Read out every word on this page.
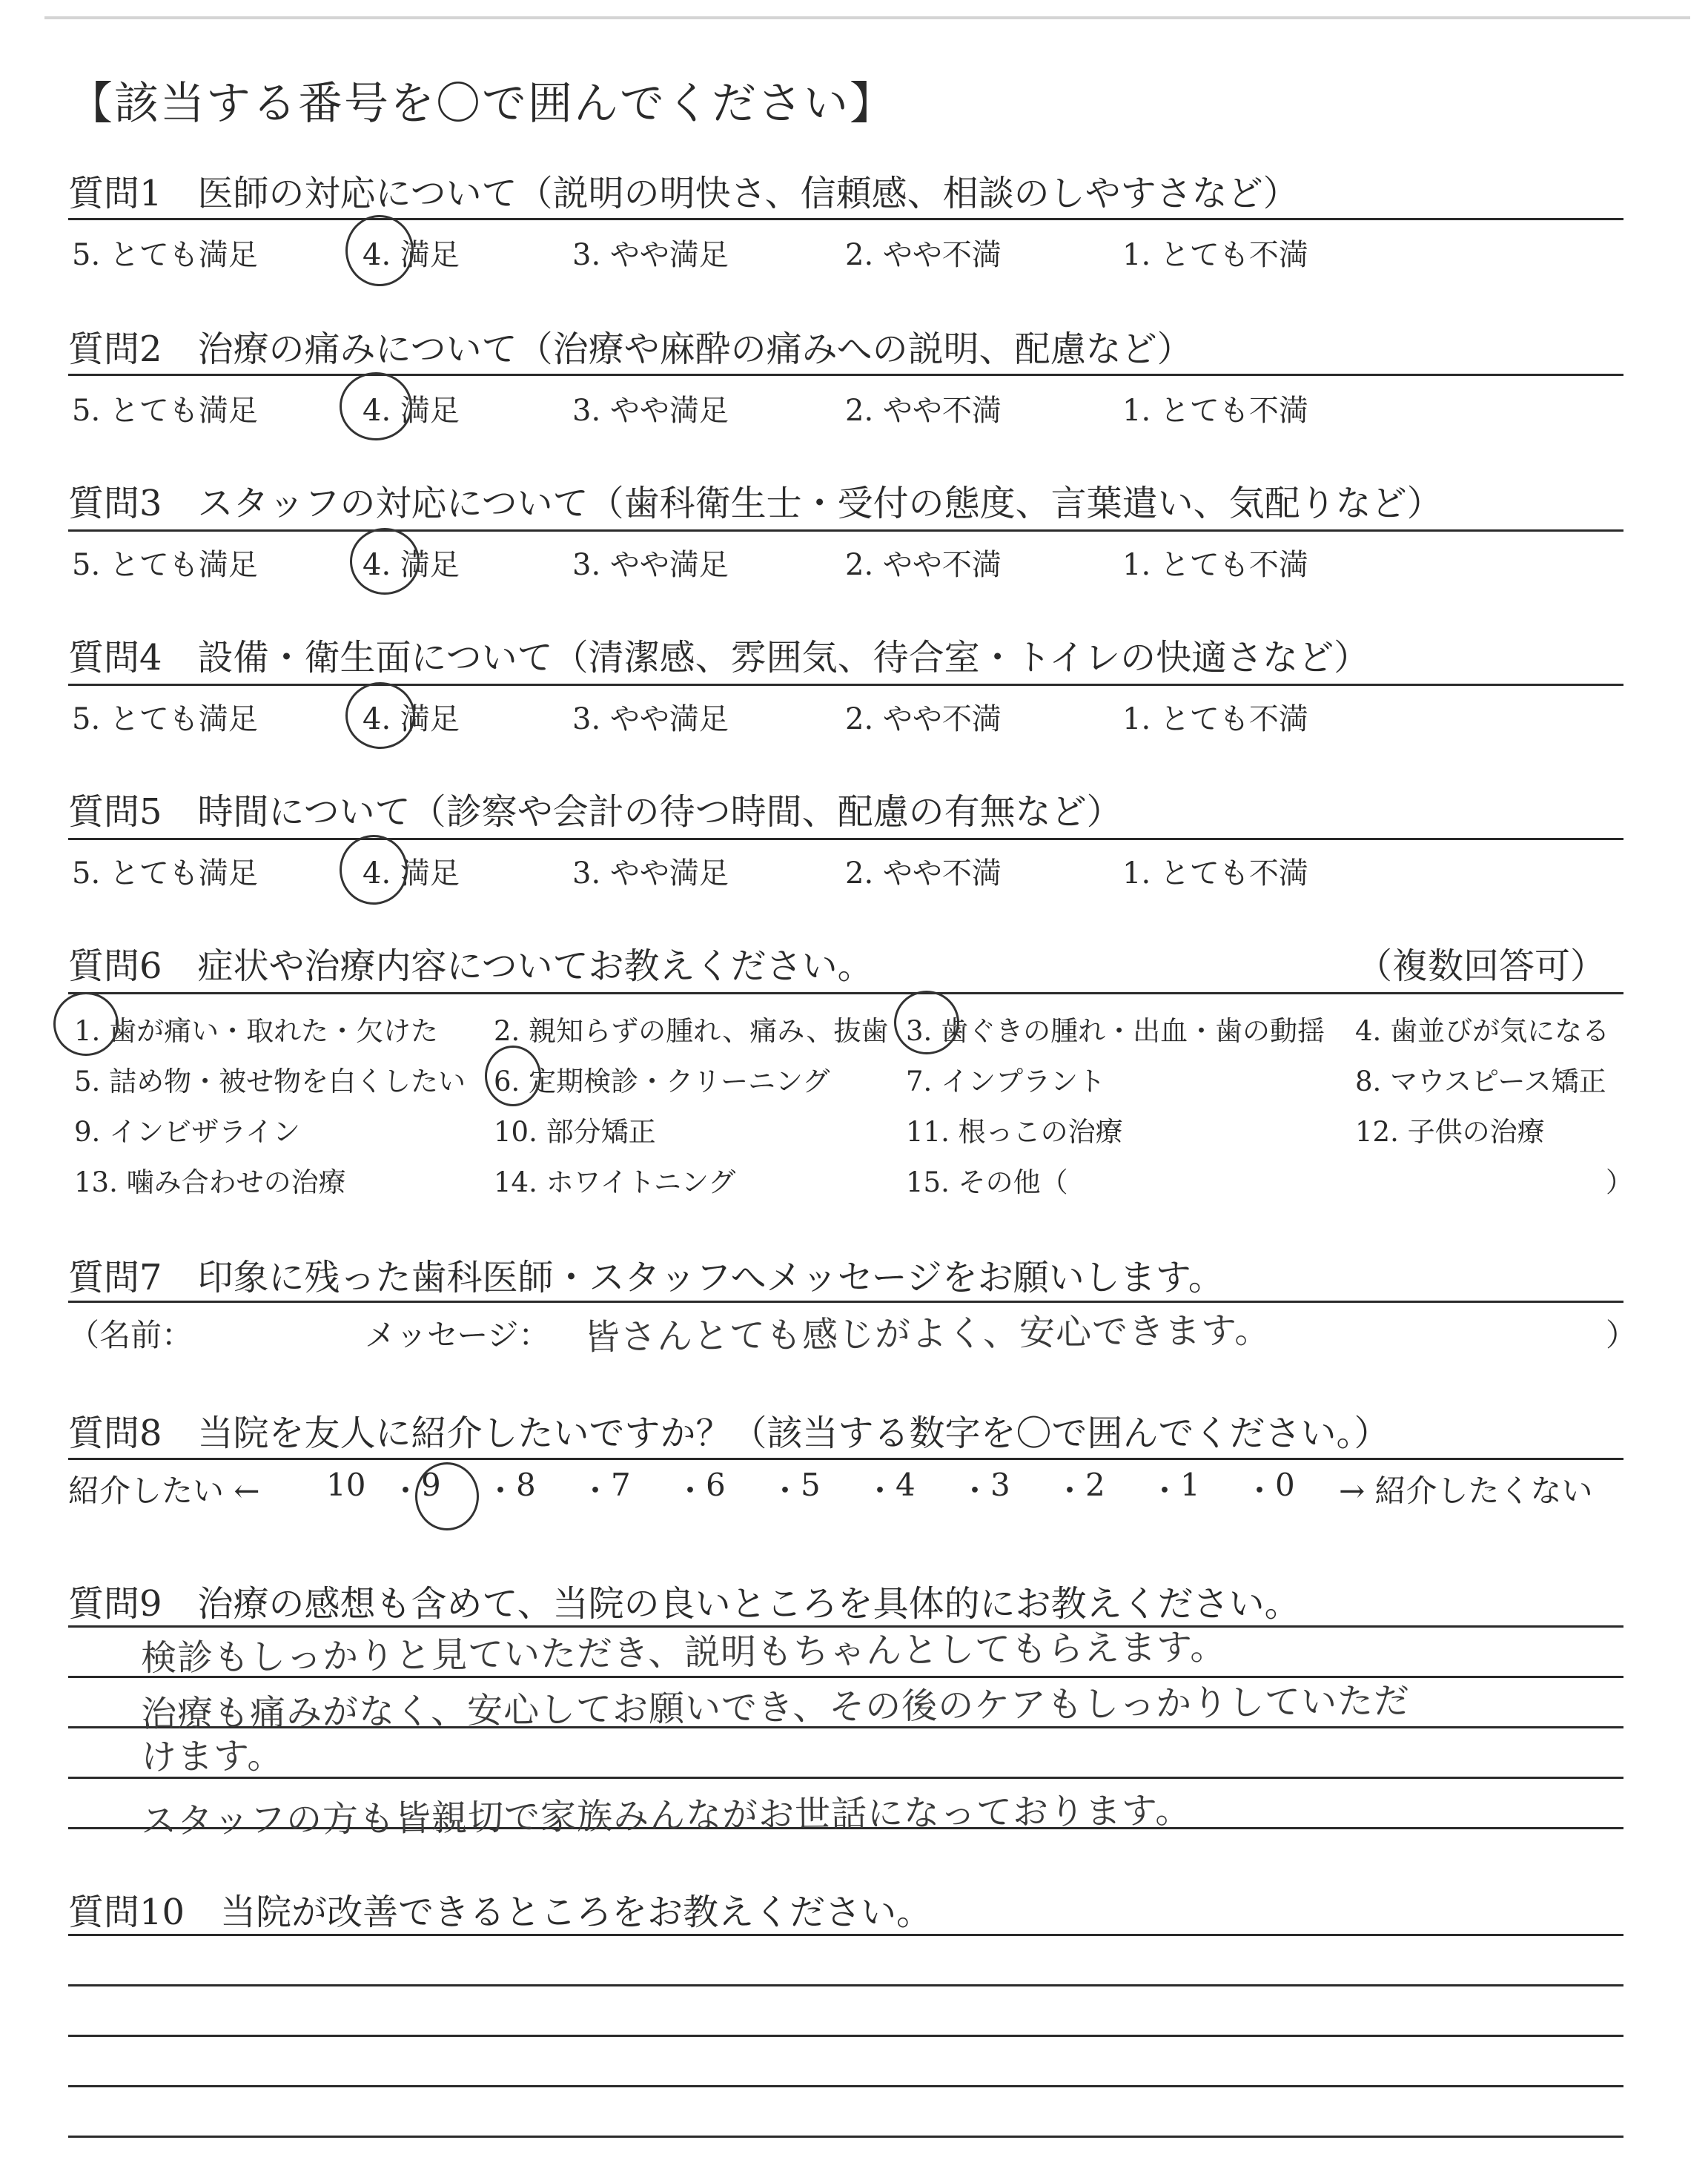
【該当する番号を〇で囲んでください】
質問1　医師の対応について（説明の明快さ、信頼感、相談のしやすさなど）
5. とても満足	4. 満足	3. やや満足	2. やや不満	1. とても不満
質問2　治療の痛みについて（治療や麻酔の痛みへの説明、配慮など）
5. とても満足	4. 満足	3. やや満足	2. やや不満	1. とても不満
質問3　スタッフの対応について（歯科衛生士・受付の態度、言葉遣い、気配りなど）
5. とても満足	4. 満足	3. やや満足	2. やや不満	1. とても不満
質問4　設備・衛生面について（清潔感、雰囲気、待合室・トイレの快適さなど）
5. とても満足	4. 満足	3. やや満足	2. やや不満	1. とても不満
質問5　時間について（診察や会計の待つ時間、配慮の有無など）
5. とても満足	4. 満足	3. やや満足	2. やや不満	1. とても不満
質問6　症状や治療内容についてお教えください。	（複数回答可）
1. 歯が痛い・取れた・欠けた 2. 親知らずの腫れ、痛み、抜歯 3. 歯ぐきの腫れ・出血・歯の動揺 4. 歯並びが気になる
5. 詰め物・被せ物を白くしたい 6. 定期検診・クリーニング	7. インプラント	8. マウスピース矯正
9. インビザライン	10. 部分矯正	11. 根っこの治療	12. 子供の治療
13. 噛み合わせの治療	14. ホワイトニング	15. その他（	）
質問7　印象に残った歯科医師・スタッフへメッセージをお願いします。
（名前：	メッセージ： 皆さんとても感じがよく、安心できます。	）
質問8　当院を友人に紹介したいですか？（該当する数字を〇で囲んでください。）
紹介したい ←	→ 紹介したくない
10 ・ 9 ・ 8 ・ 7 ・ 6 ・ 5 ・ 4 ・ 3 ・ 2 ・ 1 ・ 0
質問9　治療の感想も含めて、当院の良いところを具体的にお教えください。
検診もしっかりと見ていただき、説明もちゃんとしてもらえます。
治療も痛みがなく、安心してお願いでき、その後のケアもしっかりしていただ
けます。
スタッフの方も皆親切で家族みんながお世話になっております。
質問10　当院が改善できるところをお教えください。
